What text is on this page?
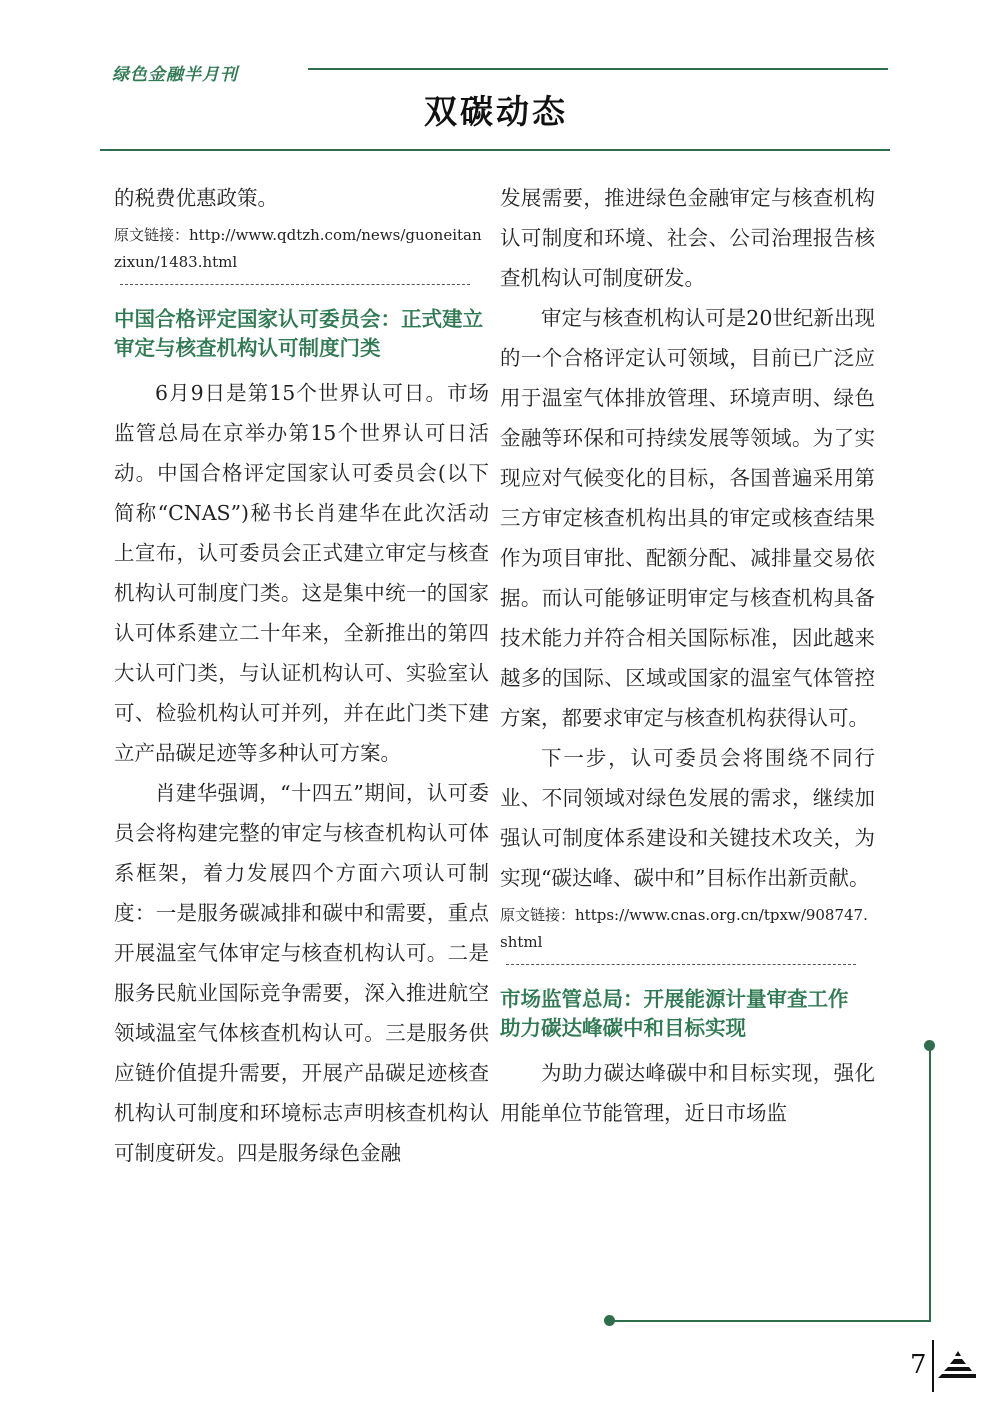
绿色金融半月刊
双碳动态

的税费优惠政策。

原文链接：http://www.qdtzh.com/news/guoneitanzixun/1483.html

中国合格评定国家认可委员会：正式建立审定与核查机构认可制度门类

6月9日是第15个世界认可日。市场监管总局在京举办第15个世界认可日活动。中国合格评定国家认可委员会(以下简称“CNAS”)秘书长肖建华在此次活动上宣布，认可委员会正式建立审定与核查机构认可制度门类。这是集中统一的国家认可体系建立二十年来，全新推出的第四大认可门类，与认证机构认可、实验室认可、检验机构认可并列，并在此门类下建立产品碳足迹等多种认可方案。

肖建华强调，“十四五”期间，认可委员会将构建完整的审定与核查机构认可体系框架，着力发展四个方面六项认可制度：一是服务碳减排和碳中和需要，重点开展温室气体审定与核查机构认可。二是服务民航业国际竞争需要，深入推进航空领域温室气体核查机构认可。三是服务供应链价值提升需要，开展产品碳足迹核查机构认可制度和环境标志声明核查机构认可制度研发。四是服务绿色金融

发展需要，推进绿色金融审定与核查机构认可制度和环境、社会、公司治理报告核查机构认可制度研发。

审定与核查机构认可是20世纪新出现的一个合格评定认可领域，目前已广泛应用于温室气体排放管理、环境声明、绿色金融等环保和可持续发展等领域。为了实现应对气候变化的目标，各国普遍采用第三方审定核查机构出具的审定或核查结果作为项目审批、配额分配、减排量交易依据。而认可能够证明审定与核查机构具备技术能力并符合相关国际标准，因此越来越多的国际、区域或国家的温室气体管控方案，都要求审定与核查机构获得认可。

下一步，认可委员会将围绕不同行业、不同领域对绿色发展的需求，继续加强认可制度体系建设和关键技术攻关，为实现“碳达峰、碳中和”目标作出新贡献。

原文链接：https://www.cnas.org.cn/tpxw/908747.shtml

市场监管总局：开展能源计量审查工作 助力碳达峰碳中和目标实现

为助力碳达峰碳中和目标实现，强化用能单位节能管理，近日市场监

7
